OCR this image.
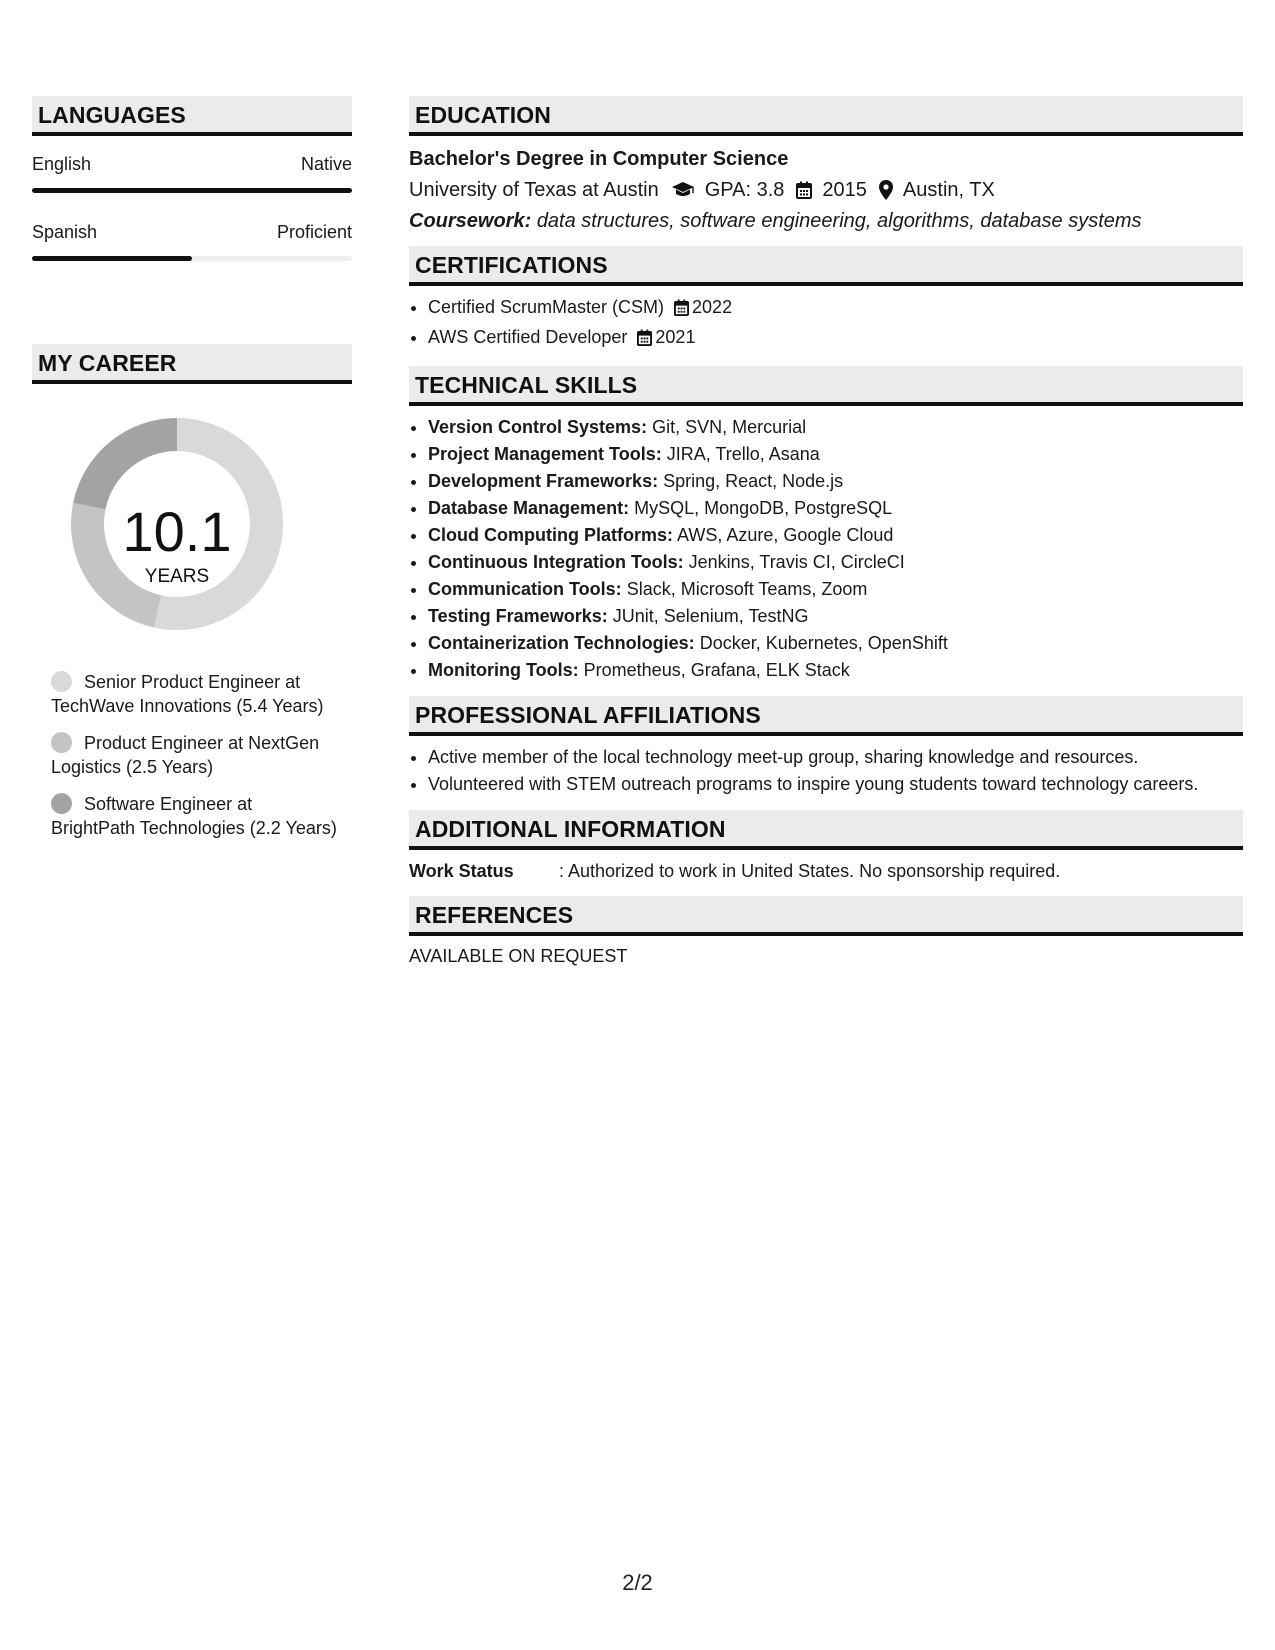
LANGUAGES
English	Native
Spanish	Proficient
MY CAREER
10.1
YEARS
Senior Product Engineer at TechWave Innovations (5.4 Years)
Product Engineer at NextGen Logistics (2.5 Years)
Software Engineer at BrightPath Technologies (2.2 Years)
EDUCATION
Bachelor's Degree in Computer Science
University of Texas at Austin GPA: 3.8 2015 Austin, TX
Coursework: data structures, software engineering, algorithms, database systems
CERTIFICATIONS
• Certified ScrumMaster (CSM) 2022
• AWS Certified Developer 2021
TECHNICAL SKILLS
• Version Control Systems: Git, SVN, Mercurial
• Project Management Tools: JIRA, Trello, Asana
• Development Frameworks: Spring, React, Node.js
• Database Management: MySQL, MongoDB, PostgreSQL
• Cloud Computing Platforms: AWS, Azure, Google Cloud
• Continuous Integration Tools: Jenkins, Travis CI, CircleCI
• Communication Tools: Slack, Microsoft Teams, Zoom
• Testing Frameworks: JUnit, Selenium, TestNG
• Containerization Technologies: Docker, Kubernetes, OpenShift
• Monitoring Tools: Prometheus, Grafana, ELK Stack
PROFESSIONAL AFFILIATIONS
• Active member of the local technology meet-up group, sharing knowledge and resources.
• Volunteered with STEM outreach programs to inspire young students toward technology careers.
ADDITIONAL INFORMATION
Work Status	: Authorized to work in United States. No sponsorship required.
REFERENCES
AVAILABLE ON REQUEST
2/2
